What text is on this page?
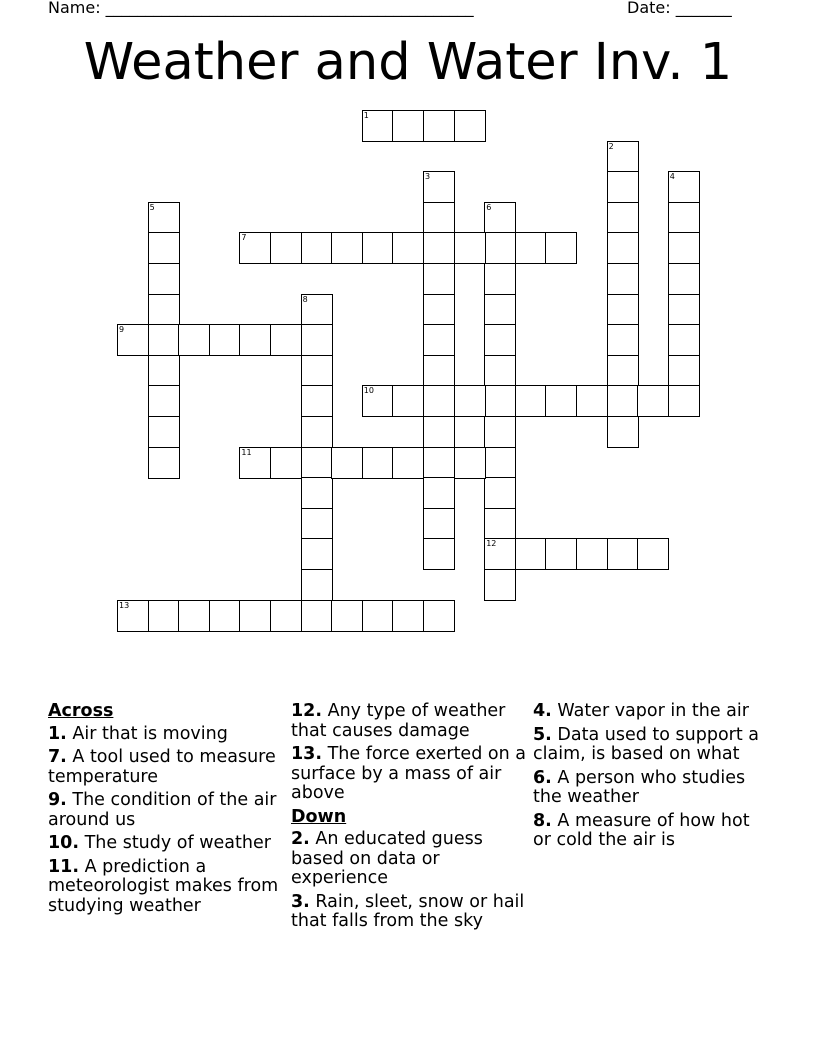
Name: ______________________________________________	Date: _______
Weather and Water Inv. 1
1
2
3	4
5	6
12
7
8
9
10
11
13
Across
1. Air that is moving
7. A tool used to measure temperature
9. The condition of the air around us
10. The study of weather
11. A prediction a meteorologist makes from studying weather
12. Any type of weather that causes damage
13. The force exerted on a surface by a mass of air above
Down
2. An educated guess based on data or experience
3. Rain, sleet, snow or hail that falls from the sky
4. Water vapor in the air
5. Data used to support a claim, is based on what
6. A person who studies the weather
8. A measure of how hot or cold the air is
